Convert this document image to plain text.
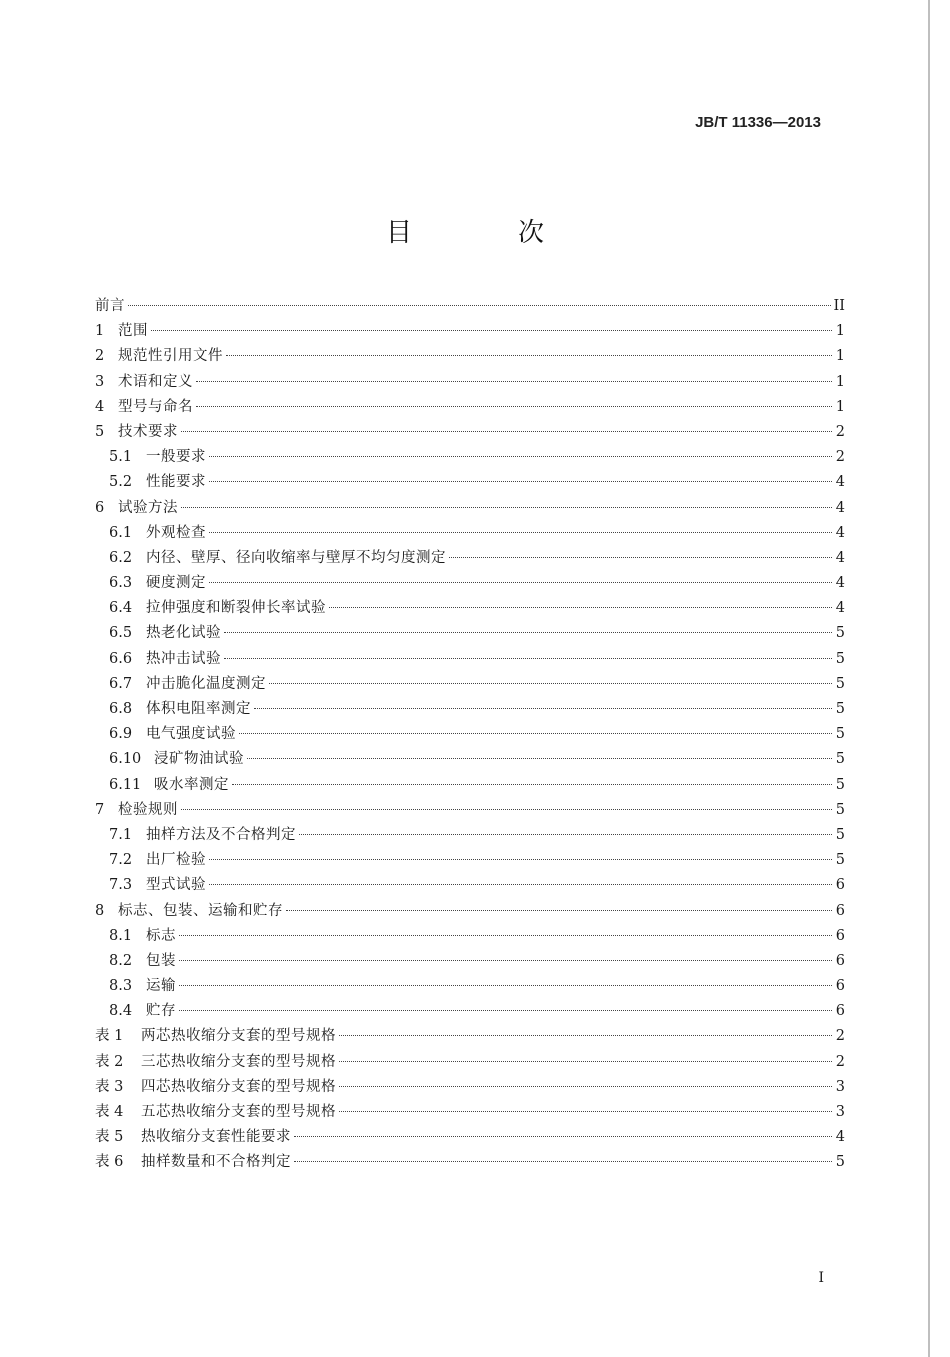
JB/T 11336—2013
目　次
前言	II
1 范围	1
2 规范性引用文件	1
3 术语和定义	1
4 型号与命名	1
5 技术要求	2
5.1 一般要求	2
5.2 性能要求	4
6 试验方法	4
6.1 外观检查	4
6.2 内径、壁厚、径向收缩率与壁厚不均匀度测定	4
6.3 硬度测定	4
6.4 拉伸强度和断裂伸长率试验	4
6.5 热老化试验	5
6.6 热冲击试验	5
6.7 冲击脆化温度测定	5
6.8 体积电阻率测定	5
6.9 电气强度试验	5
6.10 浸矿物油试验	5
6.11 吸水率测定	5
7 检验规则	5
7.1 抽样方法及不合格判定	5
7.2 出厂检验	5
7.3 型式试验	6
8 标志、包装、运输和贮存	6
8.1 标志	6
8.2 包装	6
8.3 运输	6
8.4 贮存	6
表 1	两芯热收缩分支套的型号规格	2
表 2	三芯热收缩分支套的型号规格	2
表 3	四芯热收缩分支套的型号规格	3
表 4	五芯热收缩分支套的型号规格	3
表 5	热收缩分支套性能要求	4
表 6	抽样数量和不合格判定	5
I
